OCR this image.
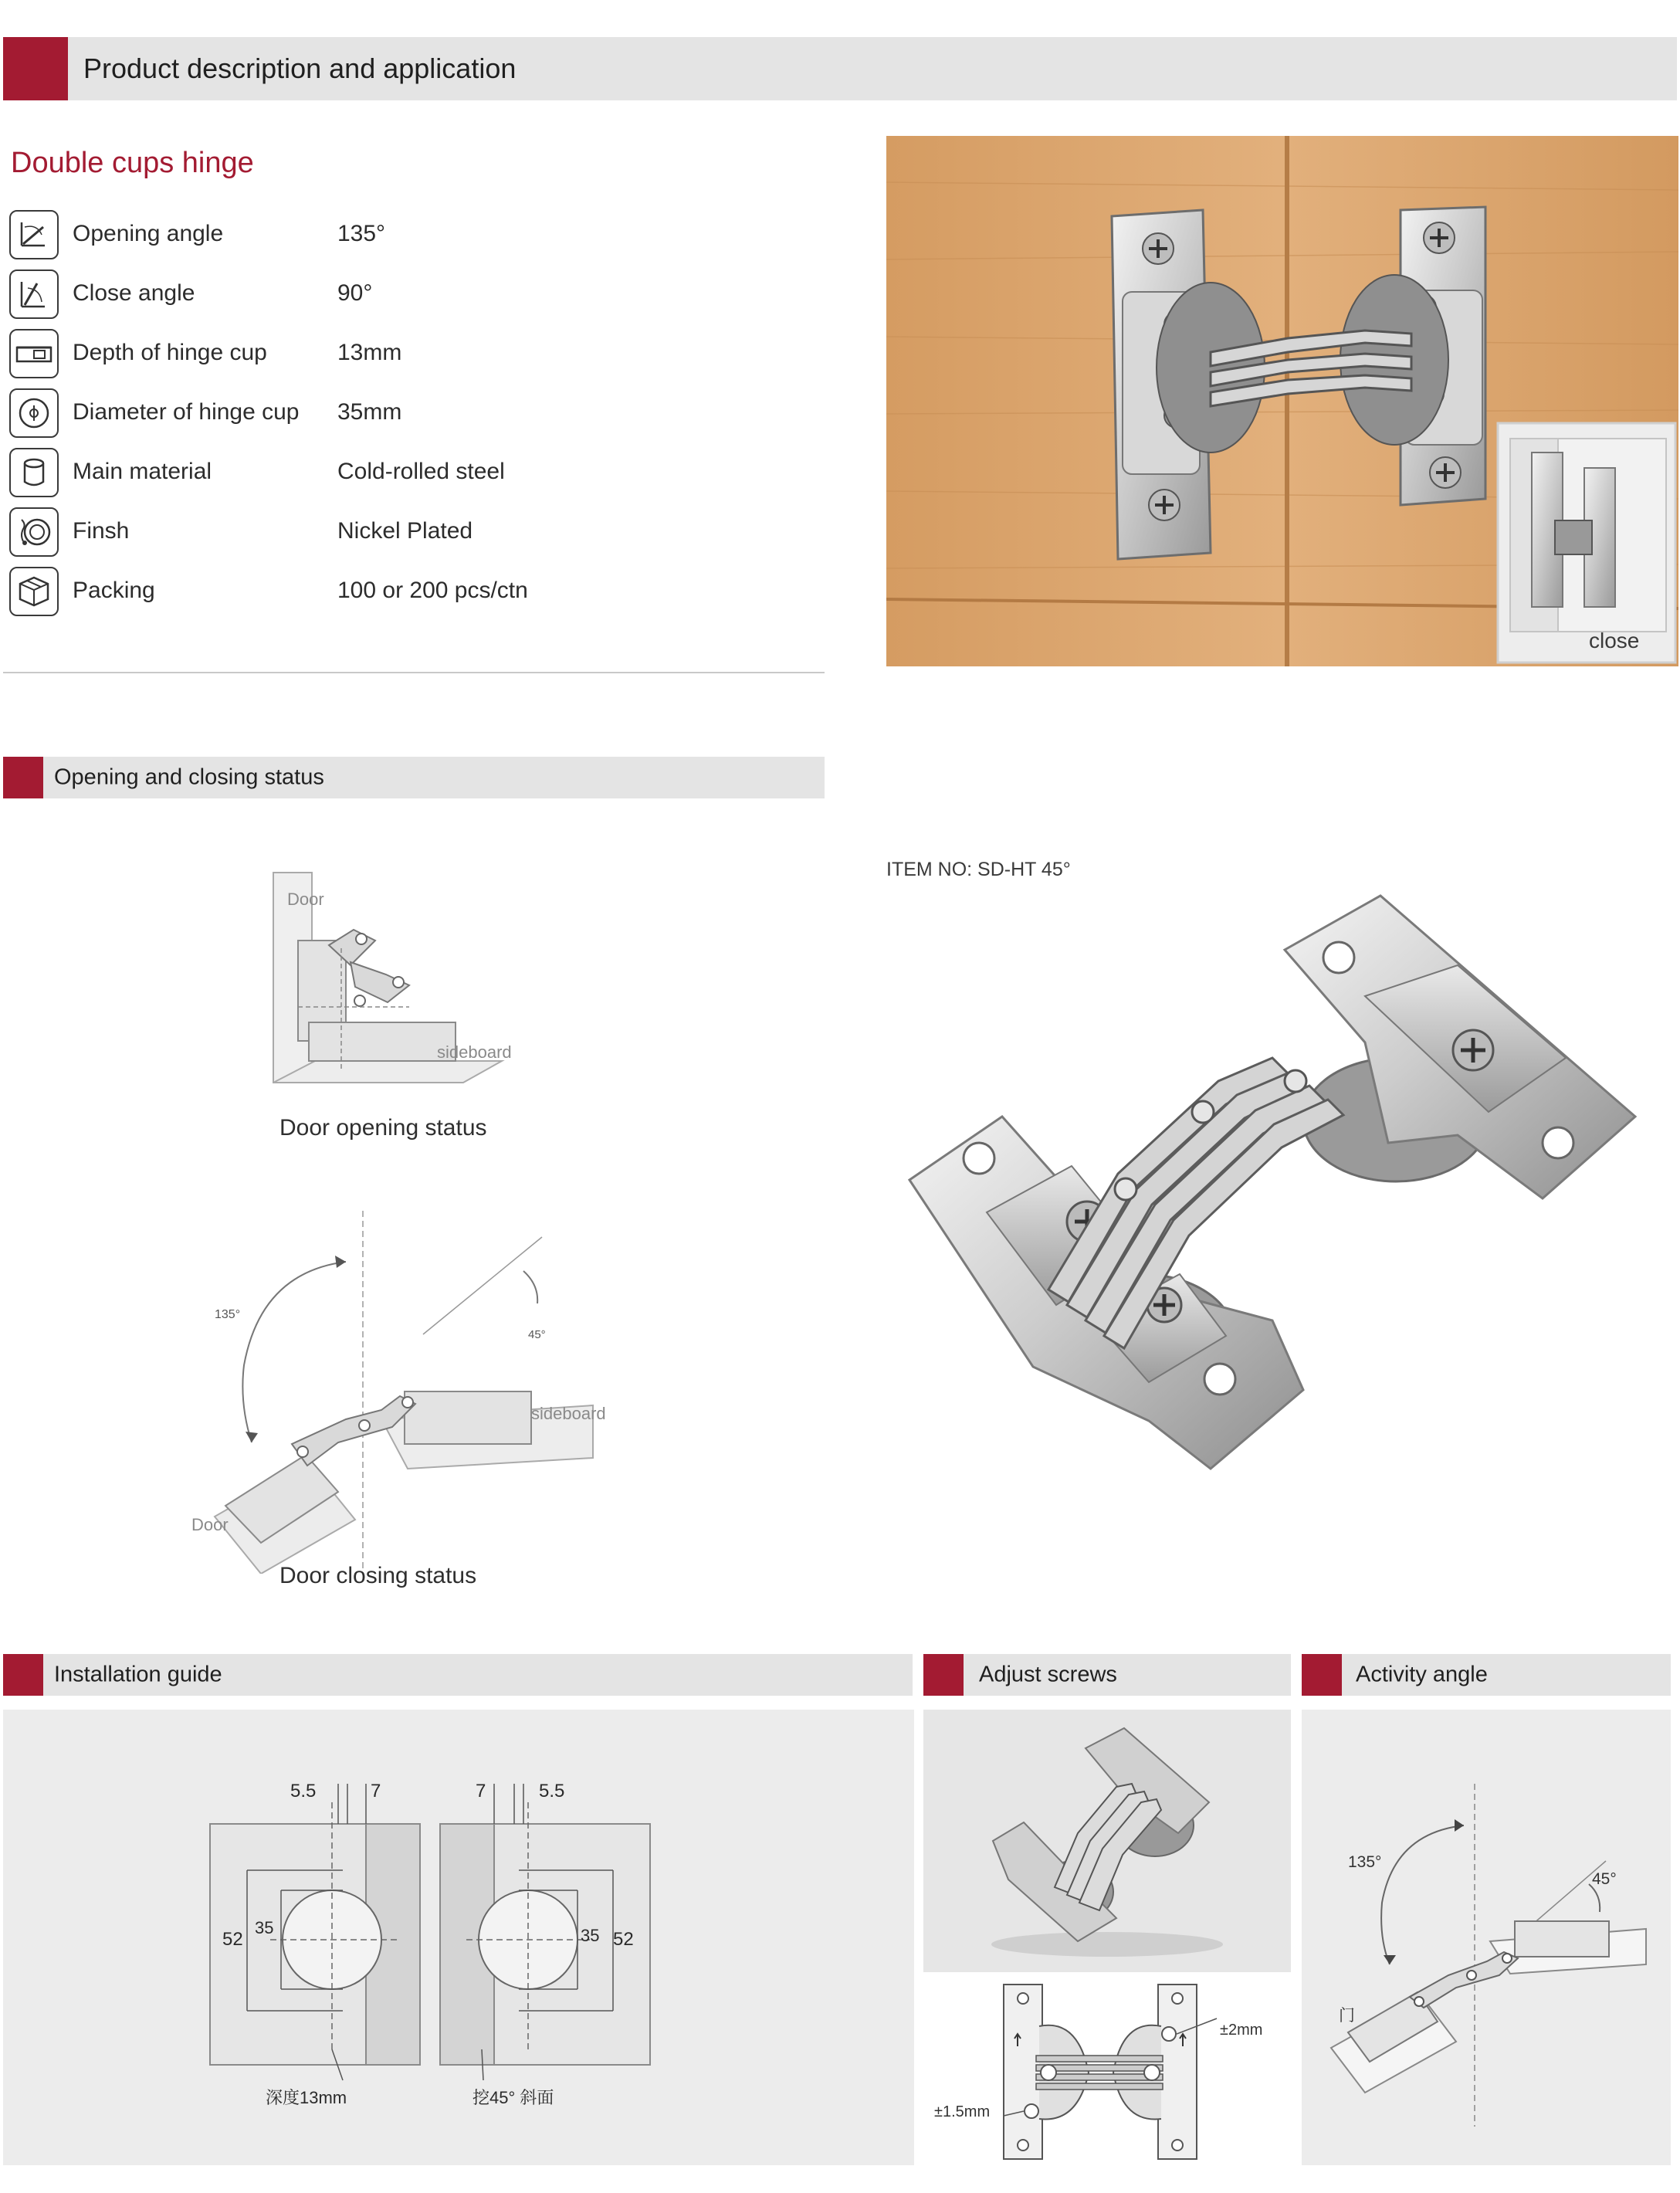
Product description and application
Double cups hinge
Opening angle	135°
Close angle	90°
Depth of hinge cup	13mm
Diameter of hinge cup 35mm
Main material	Cold-rolled steel
Finsh	Nickel Plated
Packing	100 or 200 pcs/ctn
close
Opening and closing status
Door
sideboard
Door opening status
135°
45°
sideboard
Door
Door closing status
ITEM NO: SD-HT 45°
Installation guide	Adjust screws	Activity angle
5.5	7
52
35
深度13mm
7	5.5
35 52
挖45° 斜面
±2mm
±1.5mm
135°
45°
门
